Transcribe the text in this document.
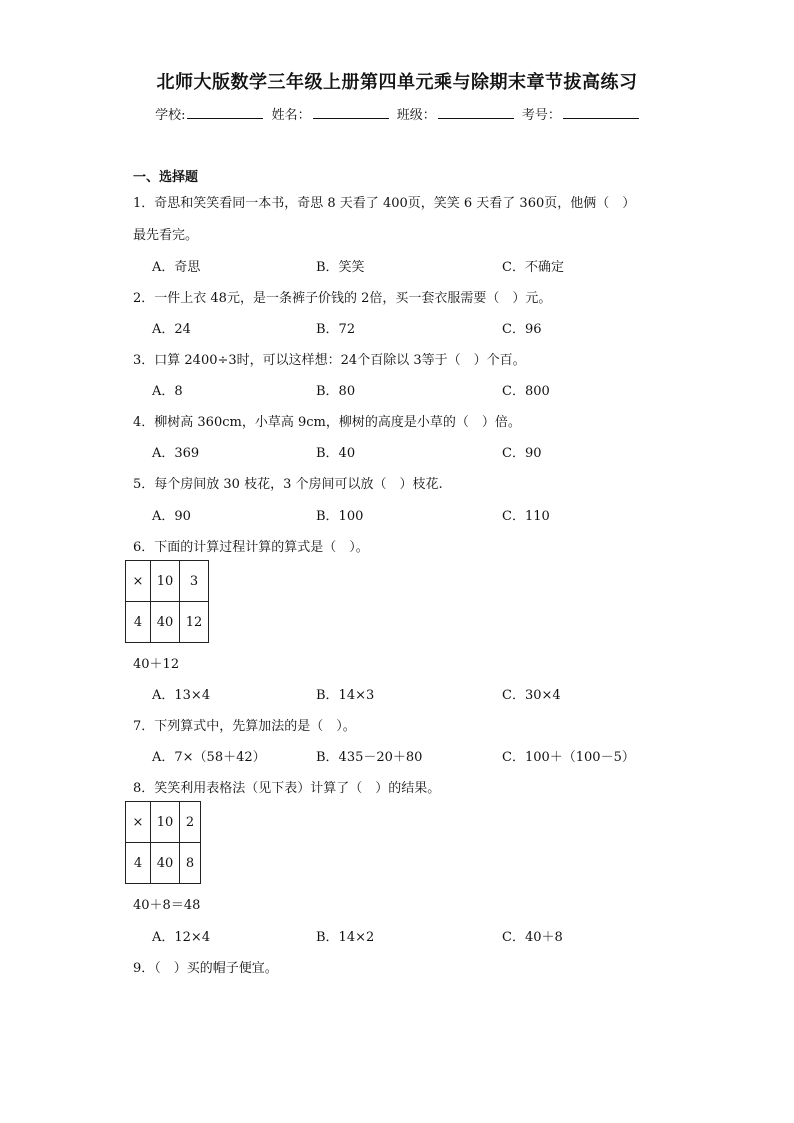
北师大版数学三年级上册第四单元乘与除期末章节拔高练习
学校:	姓名：	班级：	考号：
一、选择题
1．奇思和笑笑看同一本书，奇思 8 天看了 400页，笑笑 6 天看了 360页，他俩（　）
最先看完。
A．奇思	B．笑笑	C．不确定
2．一件上衣 48元，是一条裤子价钱的 2倍，买一套衣服需要（　）元。
A．24	B．72	C．96
3．口算 2400÷3时，可以这样想：24个百除以 3等于（　）个百。
A．8	B．80	C．800
4．柳树高 360cm，小草高 9cm，柳树的高度是小草的（　）倍。
A．369	B．40	C．90
5．每个房间放 30 枝花，3 个房间可以放（　）枝花.
A．90	B．100	C．110
6．下面的计算过程计算的算式是（　）。
×	10	3
4	40	12
40＋12
A．13×4	B．14×3	C．30×4
7．下列算式中，先算加法的是（　）。
A．7×（58＋42）	B．435－20＋80	C．100＋（100－5）
8．笑笑利用表格法（见下表）计算了（　）的结果。
×	10	2
4	40	8
40＋8＝48
A．12×4	B．14×2	C．40＋8
9．（　）买的帽子便宜。
